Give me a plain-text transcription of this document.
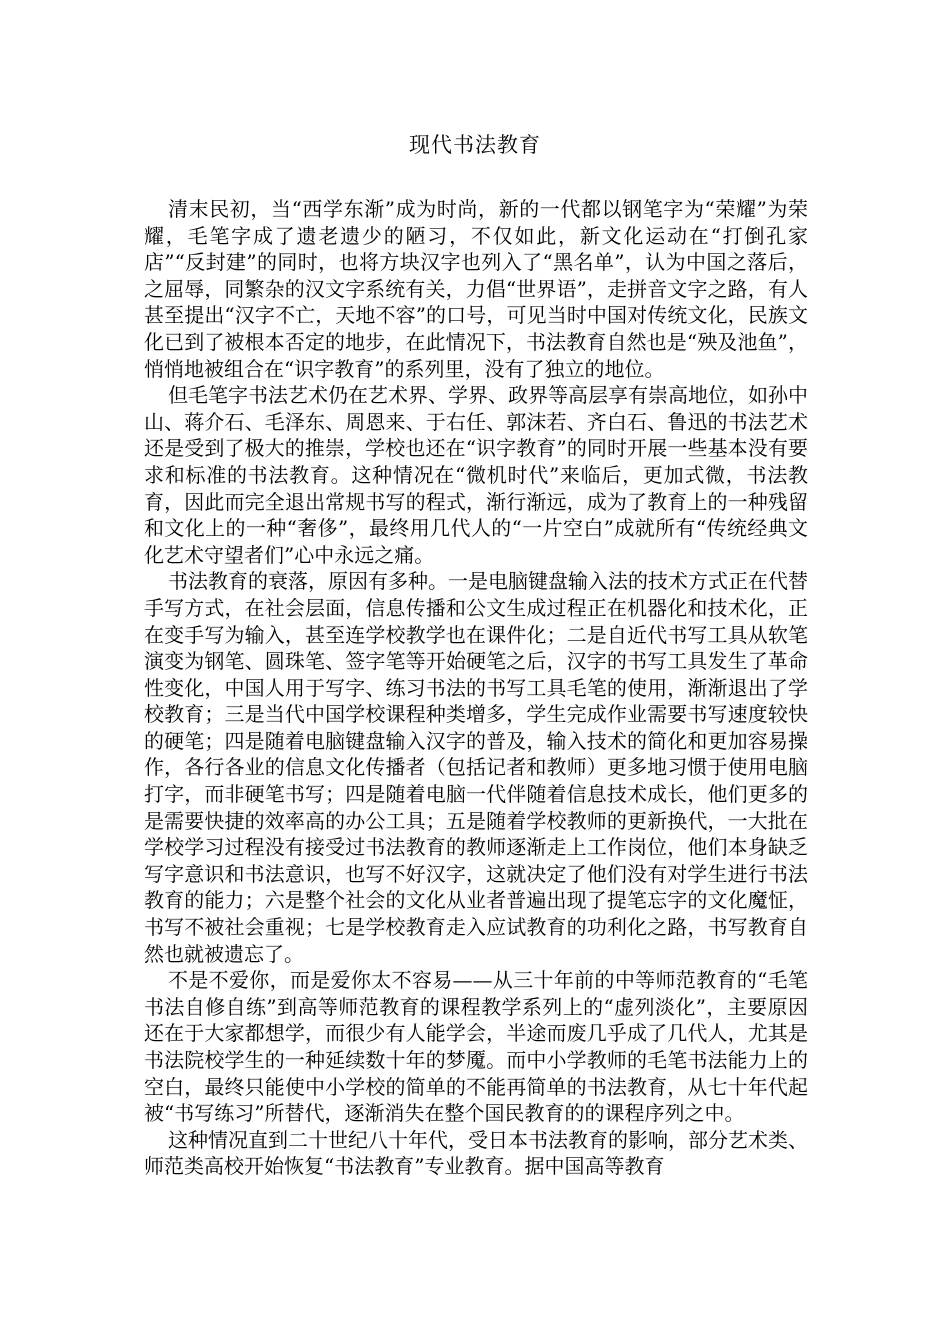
现代书法教育

清末民初，当“西学东渐”成为时尚，新的一代都以钢笔字为“荣耀”为荣耀，毛笔字成了遗老遗少的陋习，不仅如此，新文化运动在“打倒孔家店”“反封建”的同时，也将方块汉字也列入了“黑名单”，认为中国之落后，之屈辱，同繁杂的汉文字系统有关，力倡“世界语”，走拼音文字之路，有人甚至提出“汉字不亡，天地不容”的口号，可见当时中国对传统文化，民族文化已到了被根本否定的地步，在此情况下，书法教育自然也是“殃及池鱼”，悄悄地被组合在“识字教育”的系列里，没有了独立的地位。

但毛笔字书法艺术仍在艺术界、学界、政界等高层享有崇高地位，如孙中山、蒋介石、毛泽东、周恩来、于右任、郭沫若、齐白石、鲁迅的书法艺术还是受到了极大的推崇，学校也还在“识字教育”的同时开展一些基本没有要求和标准的书法教育。这种情况在“微机时代”来临后，更加式微，书法教育，因此而完全退出常规书写的程式，渐行渐远，成为了教育上的一种残留和文化上的一种“奢侈”，最终用几代人的“一片空白”成就所有“传统经典文化艺术守望者们”心中永远之痛。

书法教育的衰落，原因有多种。一是电脑键盘输入法的技术方式正在代替手写方式，在社会层面，信息传播和公文生成过程正在机器化和技术化，正在变手写为输入，甚至连学校教学也在课件化；二是自近代书写工具从软笔演变为钢笔、圆珠笔、签字笔等开始硬笔之后，汉字的书写工具发生了革命性变化，中国人用于写字、练习书法的书写工具毛笔的使用，渐渐退出了学校教育；三是当代中国学校课程种类增多，学生完成作业需要书写速度较快的硬笔；四是随着电脑键盘输入汉字的普及，输入技术的简化和更加容易操作，各行各业的信息文化传播者（包括记者和教师）更多地习惯于使用电脑打字，而非硬笔书写；四是随着电脑一代伴随着信息技术成长，他们更多的是需要快捷的效率高的办公工具；五是随着学校教师的更新换代，一大批在学校学习过程没有接受过书法教育的教师逐渐走上工作岗位，他们本身缺乏写字意识和书法意识，也写不好汉字，这就决定了他们没有对学生进行书法教育的能力；六是整个社会的文化从业者普遍出现了提笔忘字的文化魔怔，书写不被社会重视；七是学校教育走入应试教育的功利化之路，书写教育自然也就被遗忘了。

不是不爱你，而是爱你太不容易——从三十年前的中等师范教育的“毛笔书法自修自练”到高等师范教育的课程教学系列上的“虚列淡化”，主要原因还在于大家都想学，而很少有人能学会，半途而废几乎成了几代人，尤其是书法院校学生的一种延续数十年的梦魇。而中小学教师的毛笔书法能力上的空白，最终只能使中小学校的简单的不能再简单的书法教育，从七十年代起被“书写练习”所替代，逐渐消失在整个国民教育的的课程序列之中。

这种情况直到二十世纪八十年代，受日本书法教育的影响，部分艺术类、师范类高校开始恢复“书法教育”专业教育。据中国高等教育
